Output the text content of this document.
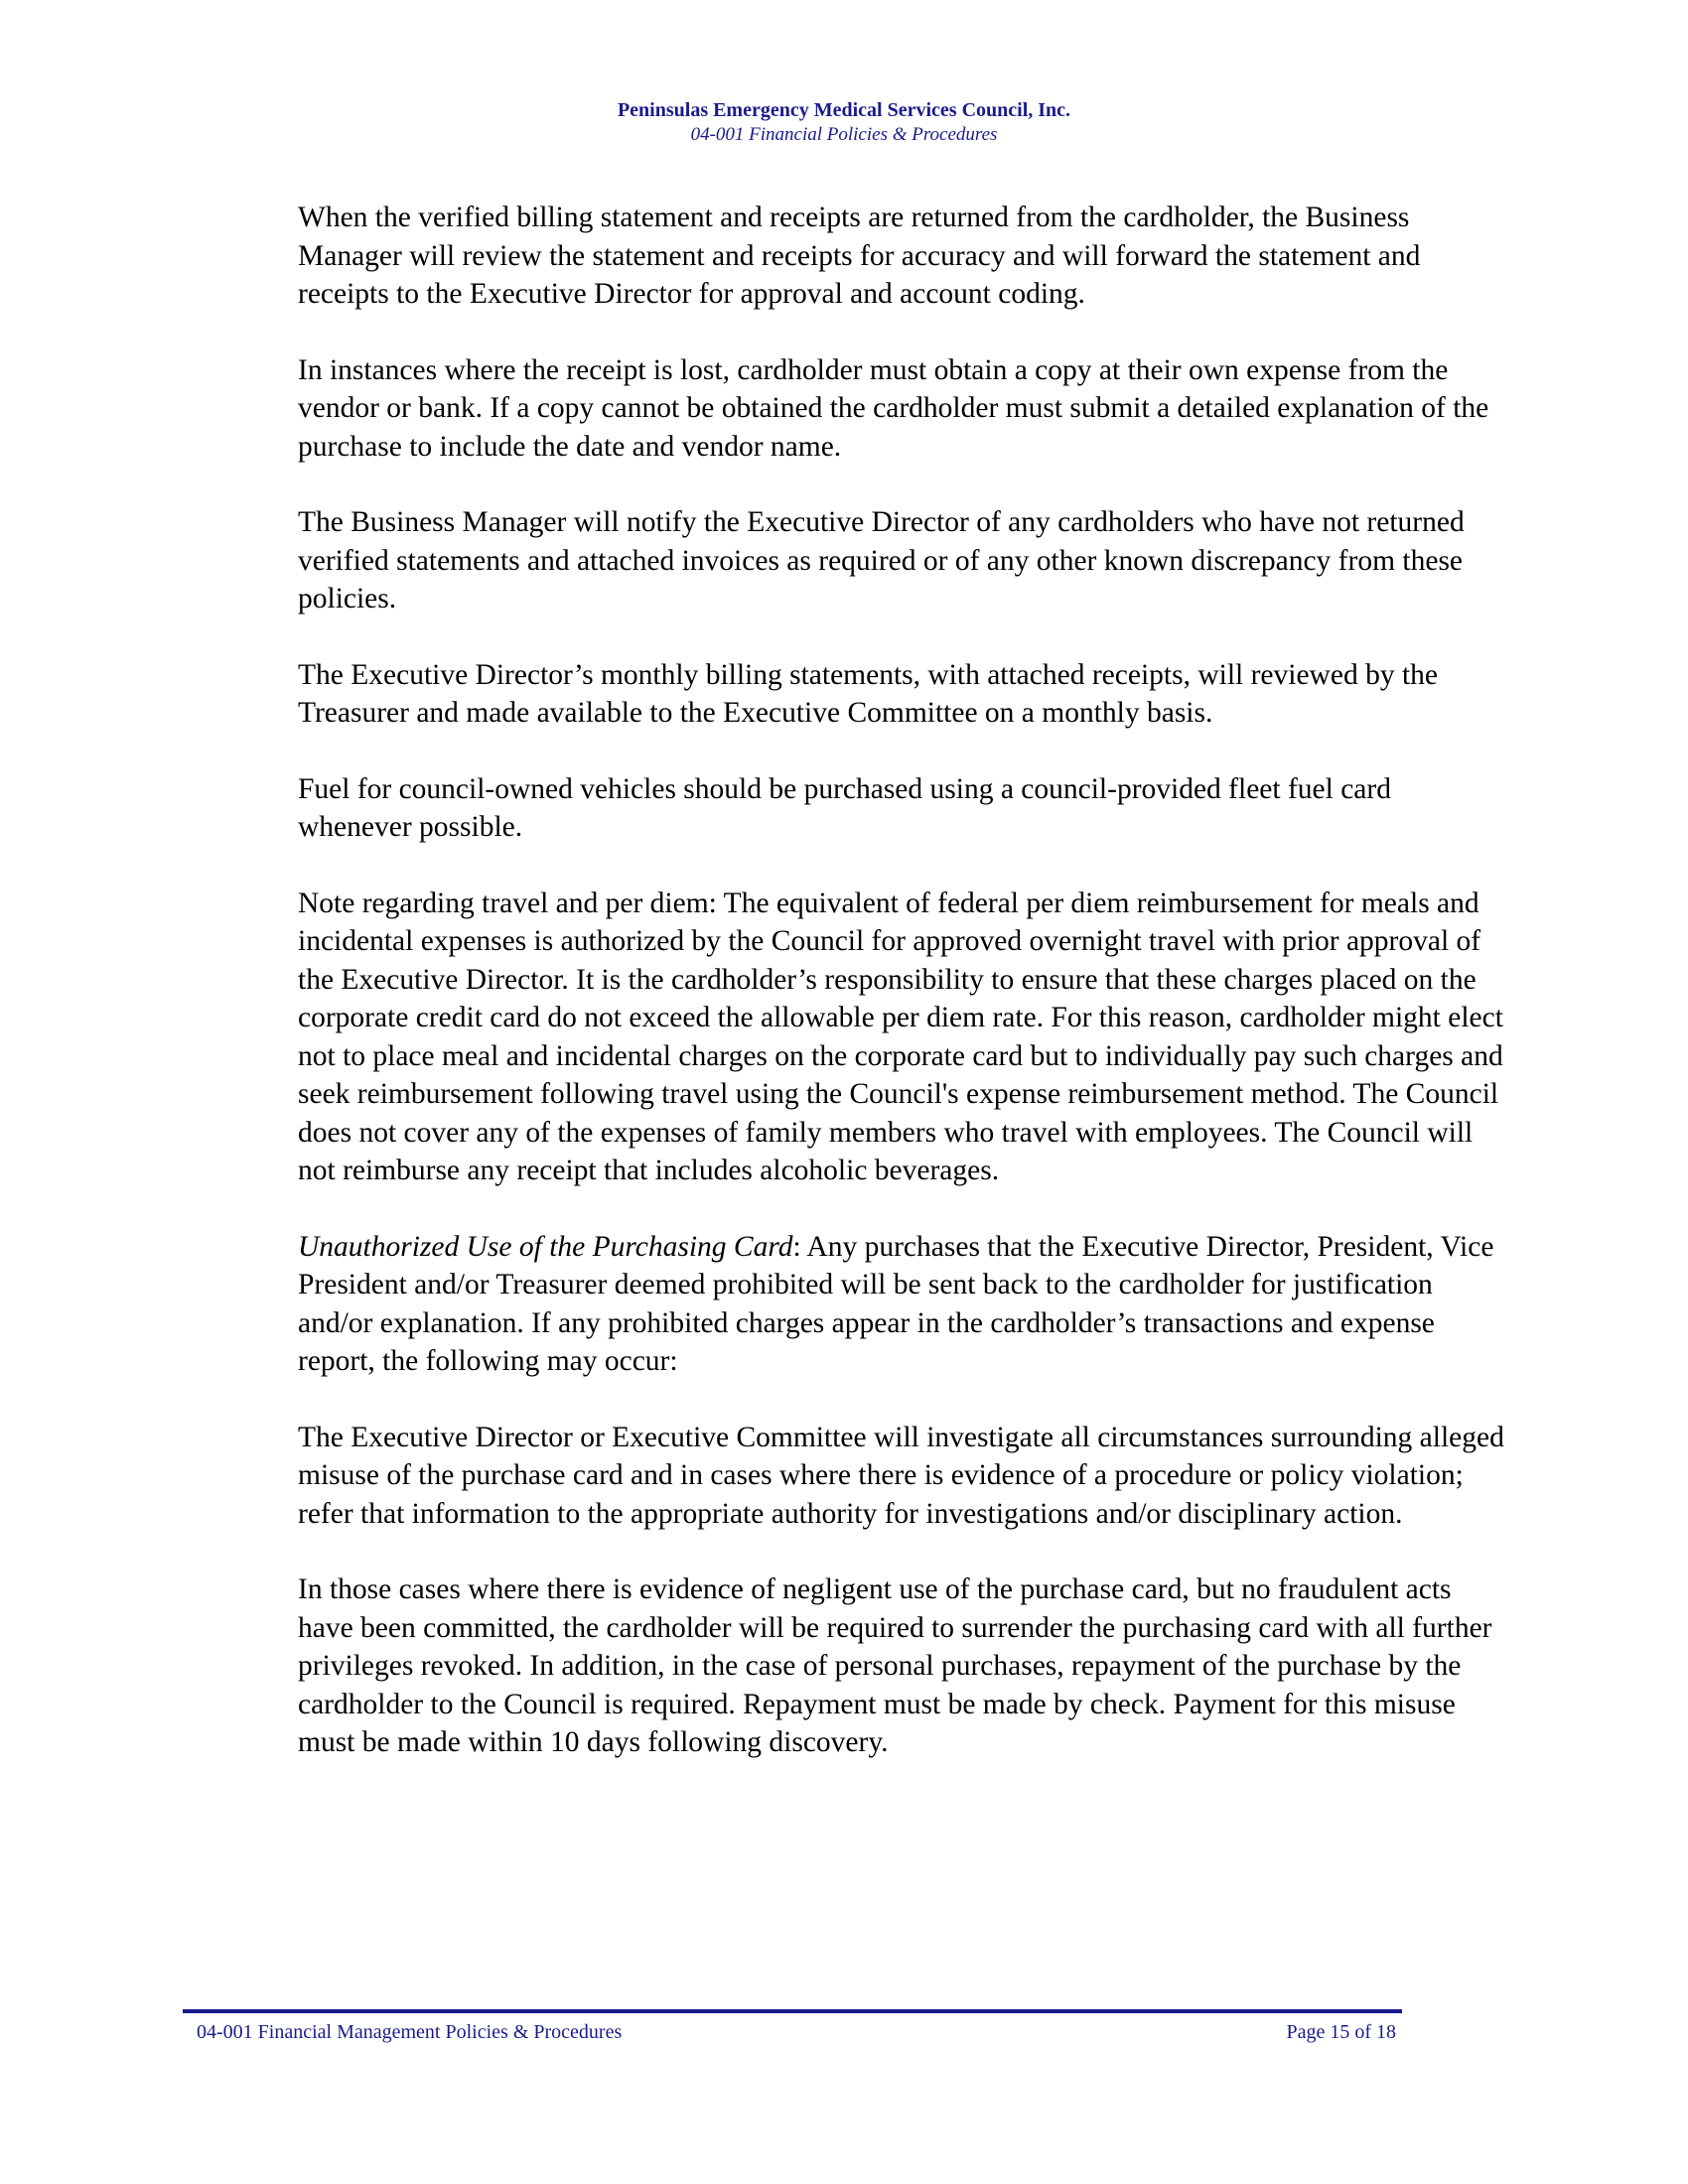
Peninsulas Emergency Medical Services Council, Inc.
04-001 Financial Policies & Procedures

When the verified billing statement and receipts are returned from the cardholder, the Business Manager will review the statement and receipts for accuracy and will forward the statement and receipts to the Executive Director for approval and account coding.

In instances where the receipt is lost, cardholder must obtain a copy at their own expense from the vendor or bank. If a copy cannot be obtained the cardholder must submit a detailed explanation of the purchase to include the date and vendor name.

The Business Manager will notify the Executive Director of any cardholders who have not returned verified statements and attached invoices as required or of any other known discrepancy from these policies.

The Executive Director’s monthly billing statements, with attached receipts, will reviewed by the Treasurer and made available to the Executive Committee on a monthly basis.

Fuel for council-owned vehicles should be purchased using a council-provided fleet fuel card whenever possible.

Note regarding travel and per diem: The equivalent of federal per diem reimbursement for meals and incidental expenses is authorized by the Council for approved overnight travel with prior approval of the Executive Director. It is the cardholder’s responsibility to ensure that these charges placed on the corporate credit card do not exceed the allowable per diem rate. For this reason, cardholder might elect not to place meal and incidental charges on the corporate card but to individually pay such charges and seek reimbursement following travel using the Council's expense reimbursement method. The Council does not cover any of the expenses of family members who travel with employees. The Council will not reimburse any receipt that includes alcoholic beverages.

Unauthorized Use of the Purchasing Card: Any purchases that the Executive Director, President, Vice President and/or Treasurer deemed prohibited will be sent back to the cardholder for justification and/or explanation. If any prohibited charges appear in the cardholder’s transactions and expense report, the following may occur:

The Executive Director or Executive Committee will investigate all circumstances surrounding alleged misuse of the purchase card and in cases where there is evidence of a procedure or policy violation; refer that information to the appropriate authority for investigations and/or disciplinary action.

In those cases where there is evidence of negligent use of the purchase card, but no fraudulent acts have been committed, the cardholder will be required to surrender the purchasing card with all further privileges revoked. In addition, in the case of personal purchases, repayment of the purchase by the cardholder to the Council is required. Repayment must be made by check. Payment for this misuse must be made within 10 days following discovery.

04-001 Financial Management Policies & Procedures	Page 15 of 18
